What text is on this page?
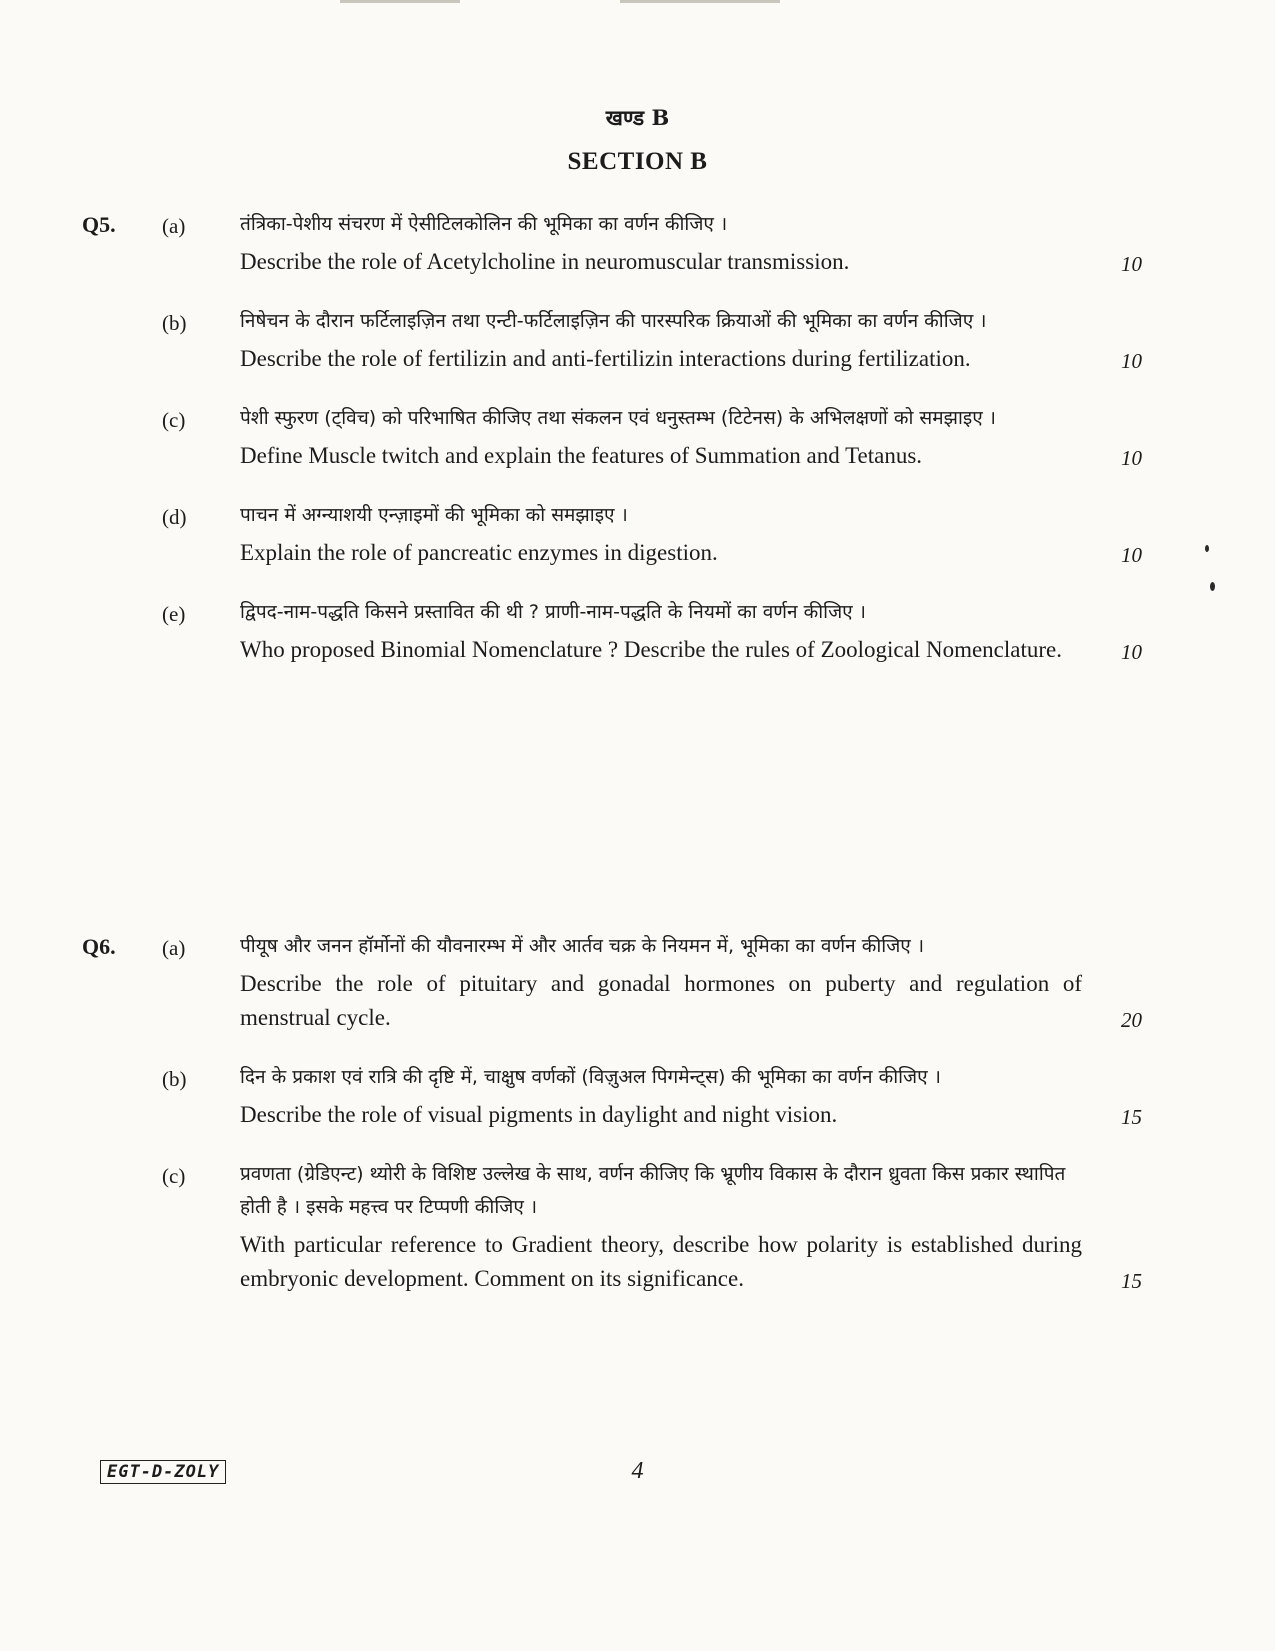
खण्ड B
SECTION B
Q5. (a)	तंत्रिका-पेशीय संचरण में ऐसीटिलकोलिन की भूमिका का वर्णन कीजिए ।

Describe the role of Acetylcholine in neuromuscular transmission.	10
(b)	निषेचन के दौरान फर्टिलाइज़िन तथा एन्टी-फर्टिलाइज़िन की पारस्परिक क्रियाओं की भूमिका का वर्णन कीजिए ।

Describe the role of fertilizin and anti-fertilizin interactions during fertilization.	10
(c)	पेशी स्फुरण (ट्विच) को परिभाषित कीजिए तथा संकलन एवं धनुस्तम्भ (टिटेनस) के अभिलक्षणों को समझाइए ।

Define Muscle twitch and explain the features of Summation and Tetanus.	10
(d)	पाचन में अग्न्याशयी एन्ज़ाइमों की भूमिका को समझाइए ।

Explain the role of pancreatic enzymes in digestion.	10
(e)	द्विपद-नाम-पद्धति किसने प्रस्तावित की थी ? प्राणी-नाम-पद्धति के नियमों का वर्णन कीजिए ।

Who proposed Binomial Nomenclature ? Describe the rules of Zoological Nomenclature.	10
Q6. (a)	पीयूष और जनन हॉर्मोनों की यौवनारम्भ में और आर्तव चक्र के नियमन में, भूमिका का वर्णन कीजिए ।

Describe the role of pituitary and gonadal hormones on puberty and regulation of menstrual cycle.	20
(b)	दिन के प्रकाश एवं रात्रि की दृष्टि में, चाक्षुष वर्णकों (विज़ुअल पिगमेन्ट्स) की भूमिका का वर्णन कीजिए ।

Describe the role of visual pigments in daylight and night vision.	15
(c)	प्रवणता (ग्रेडिएन्ट) थ्योरी के विशिष्ट उल्लेख के साथ, वर्णन कीजिए कि भ्रूणीय विकास के दौरान ध्रुवता किस प्रकार स्थापित होती है । इसके महत्त्व पर टिप्पणी कीजिए ।

With particular reference to Gradient theory, describe how polarity is established during embryonic development. Comment on its significance.	15
EGT-D-ZOLY	4
